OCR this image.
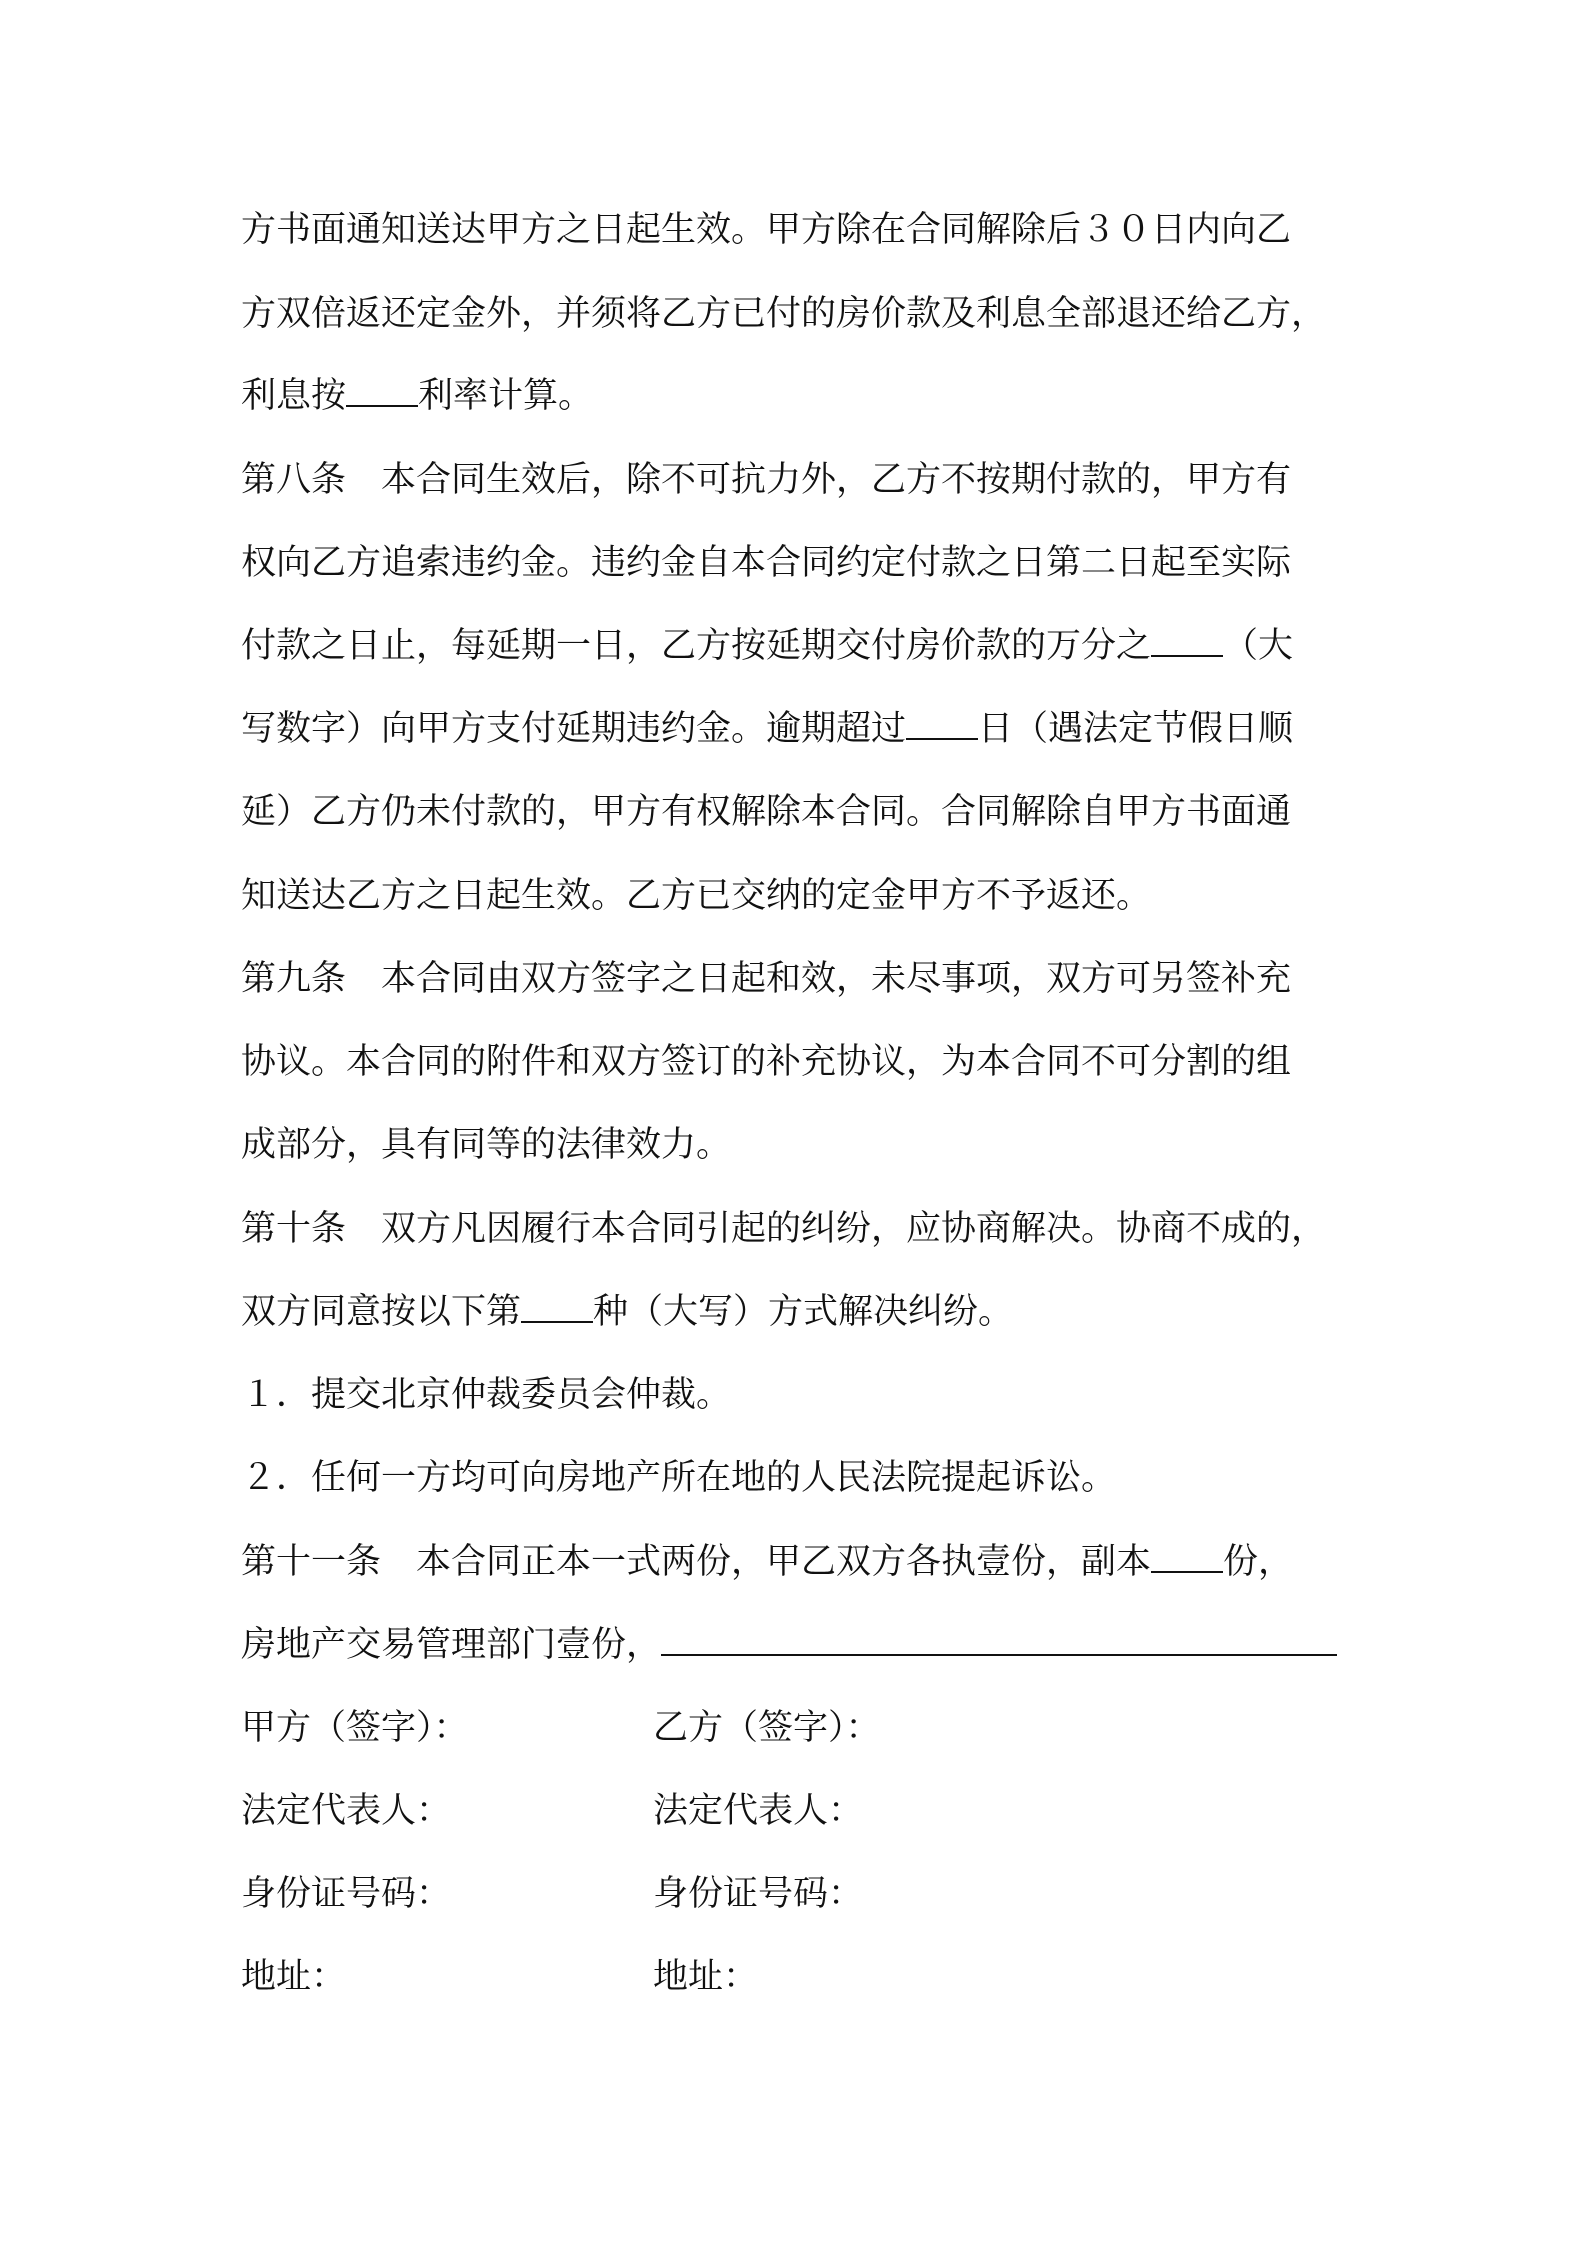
方书面通知送达甲方之日起生效。甲方除在合同解除后３０日内向乙
方双倍返还定金外，并须将乙方已付的房价款及利息全部退还给乙方，
利息按 利率计算。
第八条　本合同生效后，除不可抗力外，乙方不按期付款的，甲方有
权向乙方追索违约金。违约金自本合同约定付款之日第二日起至实际
付款之日止，每延期一日，乙方按延期交付房价款的万分之 （大
写数字）向甲方支付延期违约金。逾期超过 日（遇法定节假日顺
延）乙方仍未付款的，甲方有权解除本合同。合同解除自甲方书面通
知送达乙方之日起生效。乙方已交纳的定金甲方不予返还。
第九条　本合同由双方签字之日起和效，未尽事项，双方可另签补充
协议。本合同的附件和双方签订的补充协议，为本合同不可分割的组
成部分，具有同等的法律效力。
第十条　双方凡因履行本合同引起的纠纷，应协商解决。协商不成的，
双方同意按以下第 种（大写）方式解决纠纷。
１．提交北京仲裁委员会仲裁。
２．任何一方均可向房地产所在地的人民法院提起诉讼。
第十一条　本合同正本一式两份，甲乙双方各执壹份，副本 份，
房地产交易管理部门壹份，
甲方（签字）：	乙方（签字）：
法定代表人：	法定代表人：
身份证号码：	身份证号码：
地址：	地址：
